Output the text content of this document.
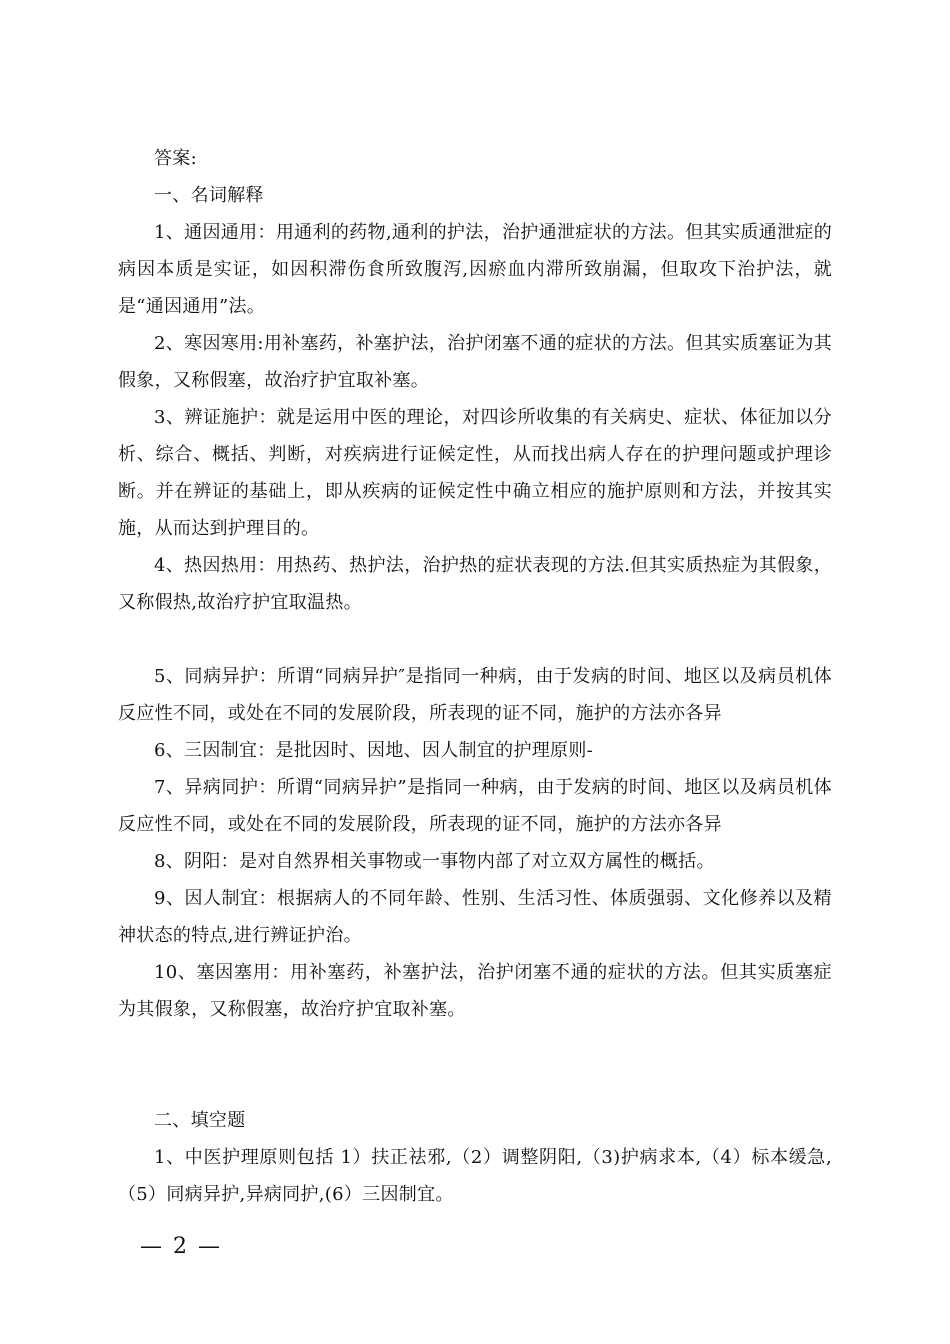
答案:

一、名词解释

1、通因通用：用通利的药物,通利的护法，治护通泄症状的方法。但其实质通泄症的病因本质是实证，如因积滞伤食所致腹泻,因瘀血内滞所致崩漏，但取攻下治护法，就是“通因通用”法。

2、寒因寒用:用补塞药，补塞护法，治护闭塞不通的症状的方法。但其实质塞证为其假象，又称假塞，故治疗护宜取补塞。

3、辨证施护：就是运用中医的理论，对四诊所收集的有关病史、症状、体征加以分析、综合、概括、判断，对疾病进行证候定性，从而找出病人存在的护理问题或护理诊断。并在辨证的基础上，即从疾病的证候定性中确立相应的施护原则和方法，并按其实施，从而达到护理目的。

4、热因热用：用热药、热护法，治护热的症状表现的方法.但其实质热症为其假象，又称假热,故治疗护宜取温热。

5、同病异护：所谓“同病异护″是指同一种病，由于发病的时间、地区以及病员机体反应性不同，或处在不同的发展阶段，所表现的证不同，施护的方法亦各异

6、三因制宜：是批因时、因地、因人制宜的护理原则-

7、异病同护：所谓“同病异护”是指同一种病，由于发病的时间、地区以及病员机体反应性不同，或处在不同的发展阶段，所表现的证不同，施护的方法亦各异

8、阴阳：是对自然界相关事物或一事物内部了对立双方属性的概括。

9、因人制宜：根据病人的不同年龄、性别、生活习性、体质强弱、文化修养以及精神状态的特点,进行辨证护治。

10、塞因塞用：用补塞药，补塞护法，治护闭塞不通的症状的方法。但其实质塞症为其假象，又称假塞，故治疗护宜取补塞。

二、填空题

1、中医护理原则包括 1）扶正祛邪,（2）调整阴阳,（3)护病求本,（4）标本缓急,（5）同病异护,异病同护,(6）三因制宜。

— 2 —
